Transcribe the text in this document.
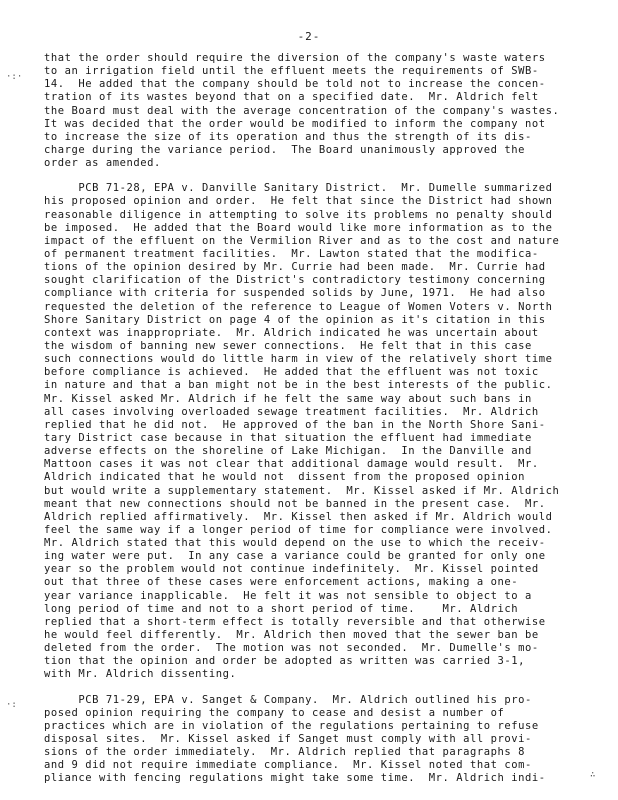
-2-
·:·
·:
∴
that the order should require the diversion of the company's waste waters
to an irrigation field until the effluent meets the requirements of SWB-
14.  He added that the company should be told not to increase the concen-
tration of its wastes beyond that on a specified date.  Mr. Aldrich felt
the Board must deal with the average concentration of the company's wastes.
It was decided that the order would be modified to inform the company not
to increase the size of its operation and thus the strength of its dis-
charge during the variance period.  The Board unanimously approved the
order as amended.
PCB 71-28, EPA v. Danville Sanitary District.  Mr. Dumelle summarized
his proposed opinion and order.  He felt that since the District had shown
reasonable diligence in attempting to solve its problems no penalty should
be imposed.  He added that the Board would like more information as to the
impact of the effluent on the Vermilion River and as to the cost and nature
of permanent treatment facilities.  Mr. Lawton stated that the modifica-
tions of the opinion desired by Mr. Currie had been made.  Mr. Currie had
sought clarification of the District's contradictory testimony concerning
compliance with criteria for suspended solids by June, 1971.  He had also
requested the deletion of the reference to League of Women Voters v. North
Shore Sanitary District on page 4 of the opinion as it's citation in this
context was inappropriate.  Mr. Aldrich indicated he was uncertain about
the wisdom of banning new sewer connections.  He felt that in this case
such connections would do little harm in view of the relatively short time
before compliance is achieved.  He added that the effluent was not toxic
in nature and that a ban might not be in the best interests of the public.
Mr. Kissel asked Mr. Aldrich if he felt the same way about such bans in
all cases involving overloaded sewage treatment facilities.  Mr. Aldrich
replied that he did not.  He approved of the ban in the North Shore Sani-
tary District case because in that situation the effluent had immediate
adverse effects on the shoreline of Lake Michigan.  In the Danville and
Mattoon cases it was not clear that additional damage would result.  Mr.
Aldrich indicated that he would not  dissent from the proposed opinion
but would write a supplementary statement.  Mr. Kissel asked if Mr. Aldrich
meant that new connections should not be banned in the present case.  Mr.
Aldrich replied affirmatively.  Mr. Kissel then asked if Mr. Aldrich would
feel the same way if a longer period of time for compliance were involved.
Mr. Aldrich stated that this would depend on the use to which the receiv-
ing water were put.  In any case a variance could be granted for only one
year so the problem would not continue indefinitely.  Mr. Kissel pointed
out that three of these cases were enforcement actions, making a one-
year variance inapplicable.  He felt it was not sensible to object to a
long period of time and not to a short period of time.    Mr. Aldrich
replied that a short-term effect is totally reversible and that otherwise
he would feel differently.  Mr. Aldrich then moved that the sewer ban be
deleted from the order.  The motion was not seconded.  Mr. Dumelle's mo-
tion that the opinion and order be adopted as written was carried 3-1,
with Mr. Aldrich dissenting.
PCB 71-29, EPA v. Sanget & Company.  Mr. Aldrich outlined his pro-
posed opinion requiring the company to cease and desist a number of
practices which are in violation of the regulations pertaining to refuse
disposal sites.  Mr. Kissel asked if Sanget must comply with all provi-
sions of the order immediately.  Mr. Aldrich replied that paragraphs 8
and 9 did not require immediate compliance.  Mr. Kissel noted that com-
pliance with fencing regulations might take some time.  Mr. Aldrich indi-
